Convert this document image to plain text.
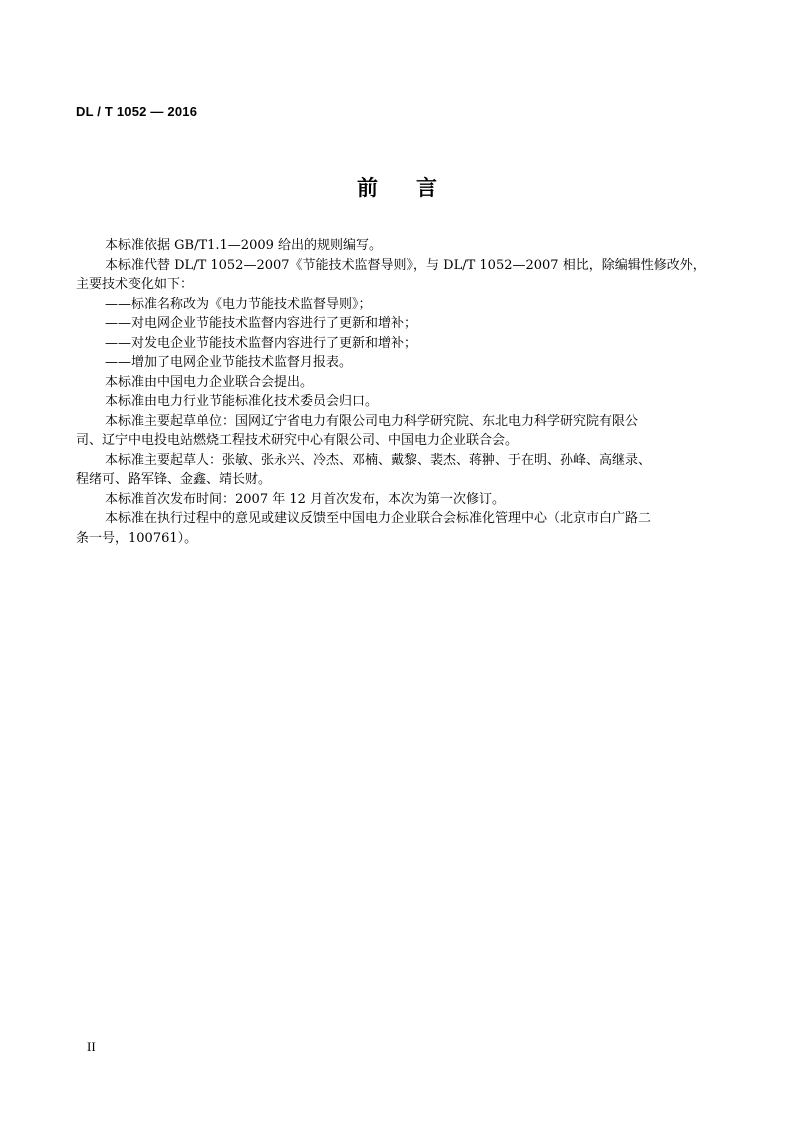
DL / T 1052 — 2016
前言
本标准依据 GB/T1.1—2009 给出的规则编写。
本标准代替 DL/T 1052—2007《节能技术监督导则》，与 DL/T 1052—2007 相比，除编辑性修改外，
主要技术变化如下：
——标准名称改为《电力节能技术监督导则》；
——对电网企业节能技术监督内容进行了更新和增补；
——对发电企业节能技术监督内容进行了更新和增补；
——增加了电网企业节能技术监督月报表。
本标准由中国电力企业联合会提出。
本标准由电力行业节能标准化技术委员会归口。
本标准主要起草单位：国网辽宁省电力有限公司电力科学研究院、东北电力科学研究院有限公
司、辽宁中电投电站燃烧工程技术研究中心有限公司、中国电力企业联合会。
本标准主要起草人：张敏、张永兴、冷杰、邓楠、戴黎、裴杰、蒋翀、于在明、孙峰、高继录、
程绪可、路军锋、金鑫、靖长财。
本标准首次发布时间：2007 年 12 月首次发布，本次为第一次修订。
本标准在执行过程中的意见或建议反馈至中国电力企业联合会标准化管理中心（北京市白广路二
条一号，100761）。
II
